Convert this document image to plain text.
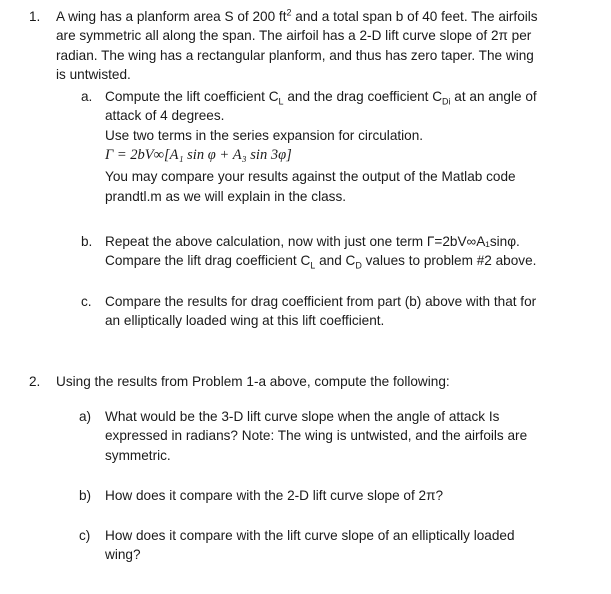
1. A wing has a planform area S of 200 $ft^2$ and a total span b of 40 feet. The airfoils

are symmetric all along the span. The airfoil has a 2-D lift curve slope of 2π per

radian. The wing has a rectangular planform, and thus has zero taper. The wing

is untwisted.

a. Compute the lift coefficient $C_L$ and the drag coefficient $C_{Di}$ at an angle of

attack of 4 degrees.

Use two terms in the series expansion for circulation.

Γ = 2bV∞[A₁ sin φ + A₃ sin 3φ]

You may compare your results against the output of the Matlab code

prandtl.m as we will explain in the class.

b. Repeat the above calculation, now with just one term Γ=2bV∞A₁sinφ.

Compare the lift drag coefficient $C_L$ and $C_D$ values to problem #2 above.

c. Compare the results for drag coefficient from part (b) above with that for

an elliptically loaded wing at this lift coefficient.

2. Using the results from Problem 1-a above, compute the following:

a) What would be the 3-D lift curve slope when the angle of attack Is

expressed in radians? Note: The wing is untwisted, and the airfoils are

symmetric.

b) How does it compare with the 2-D lift curve slope of 2π?

c) How does it compare with the lift curve slope of an elliptically loaded

wing?
